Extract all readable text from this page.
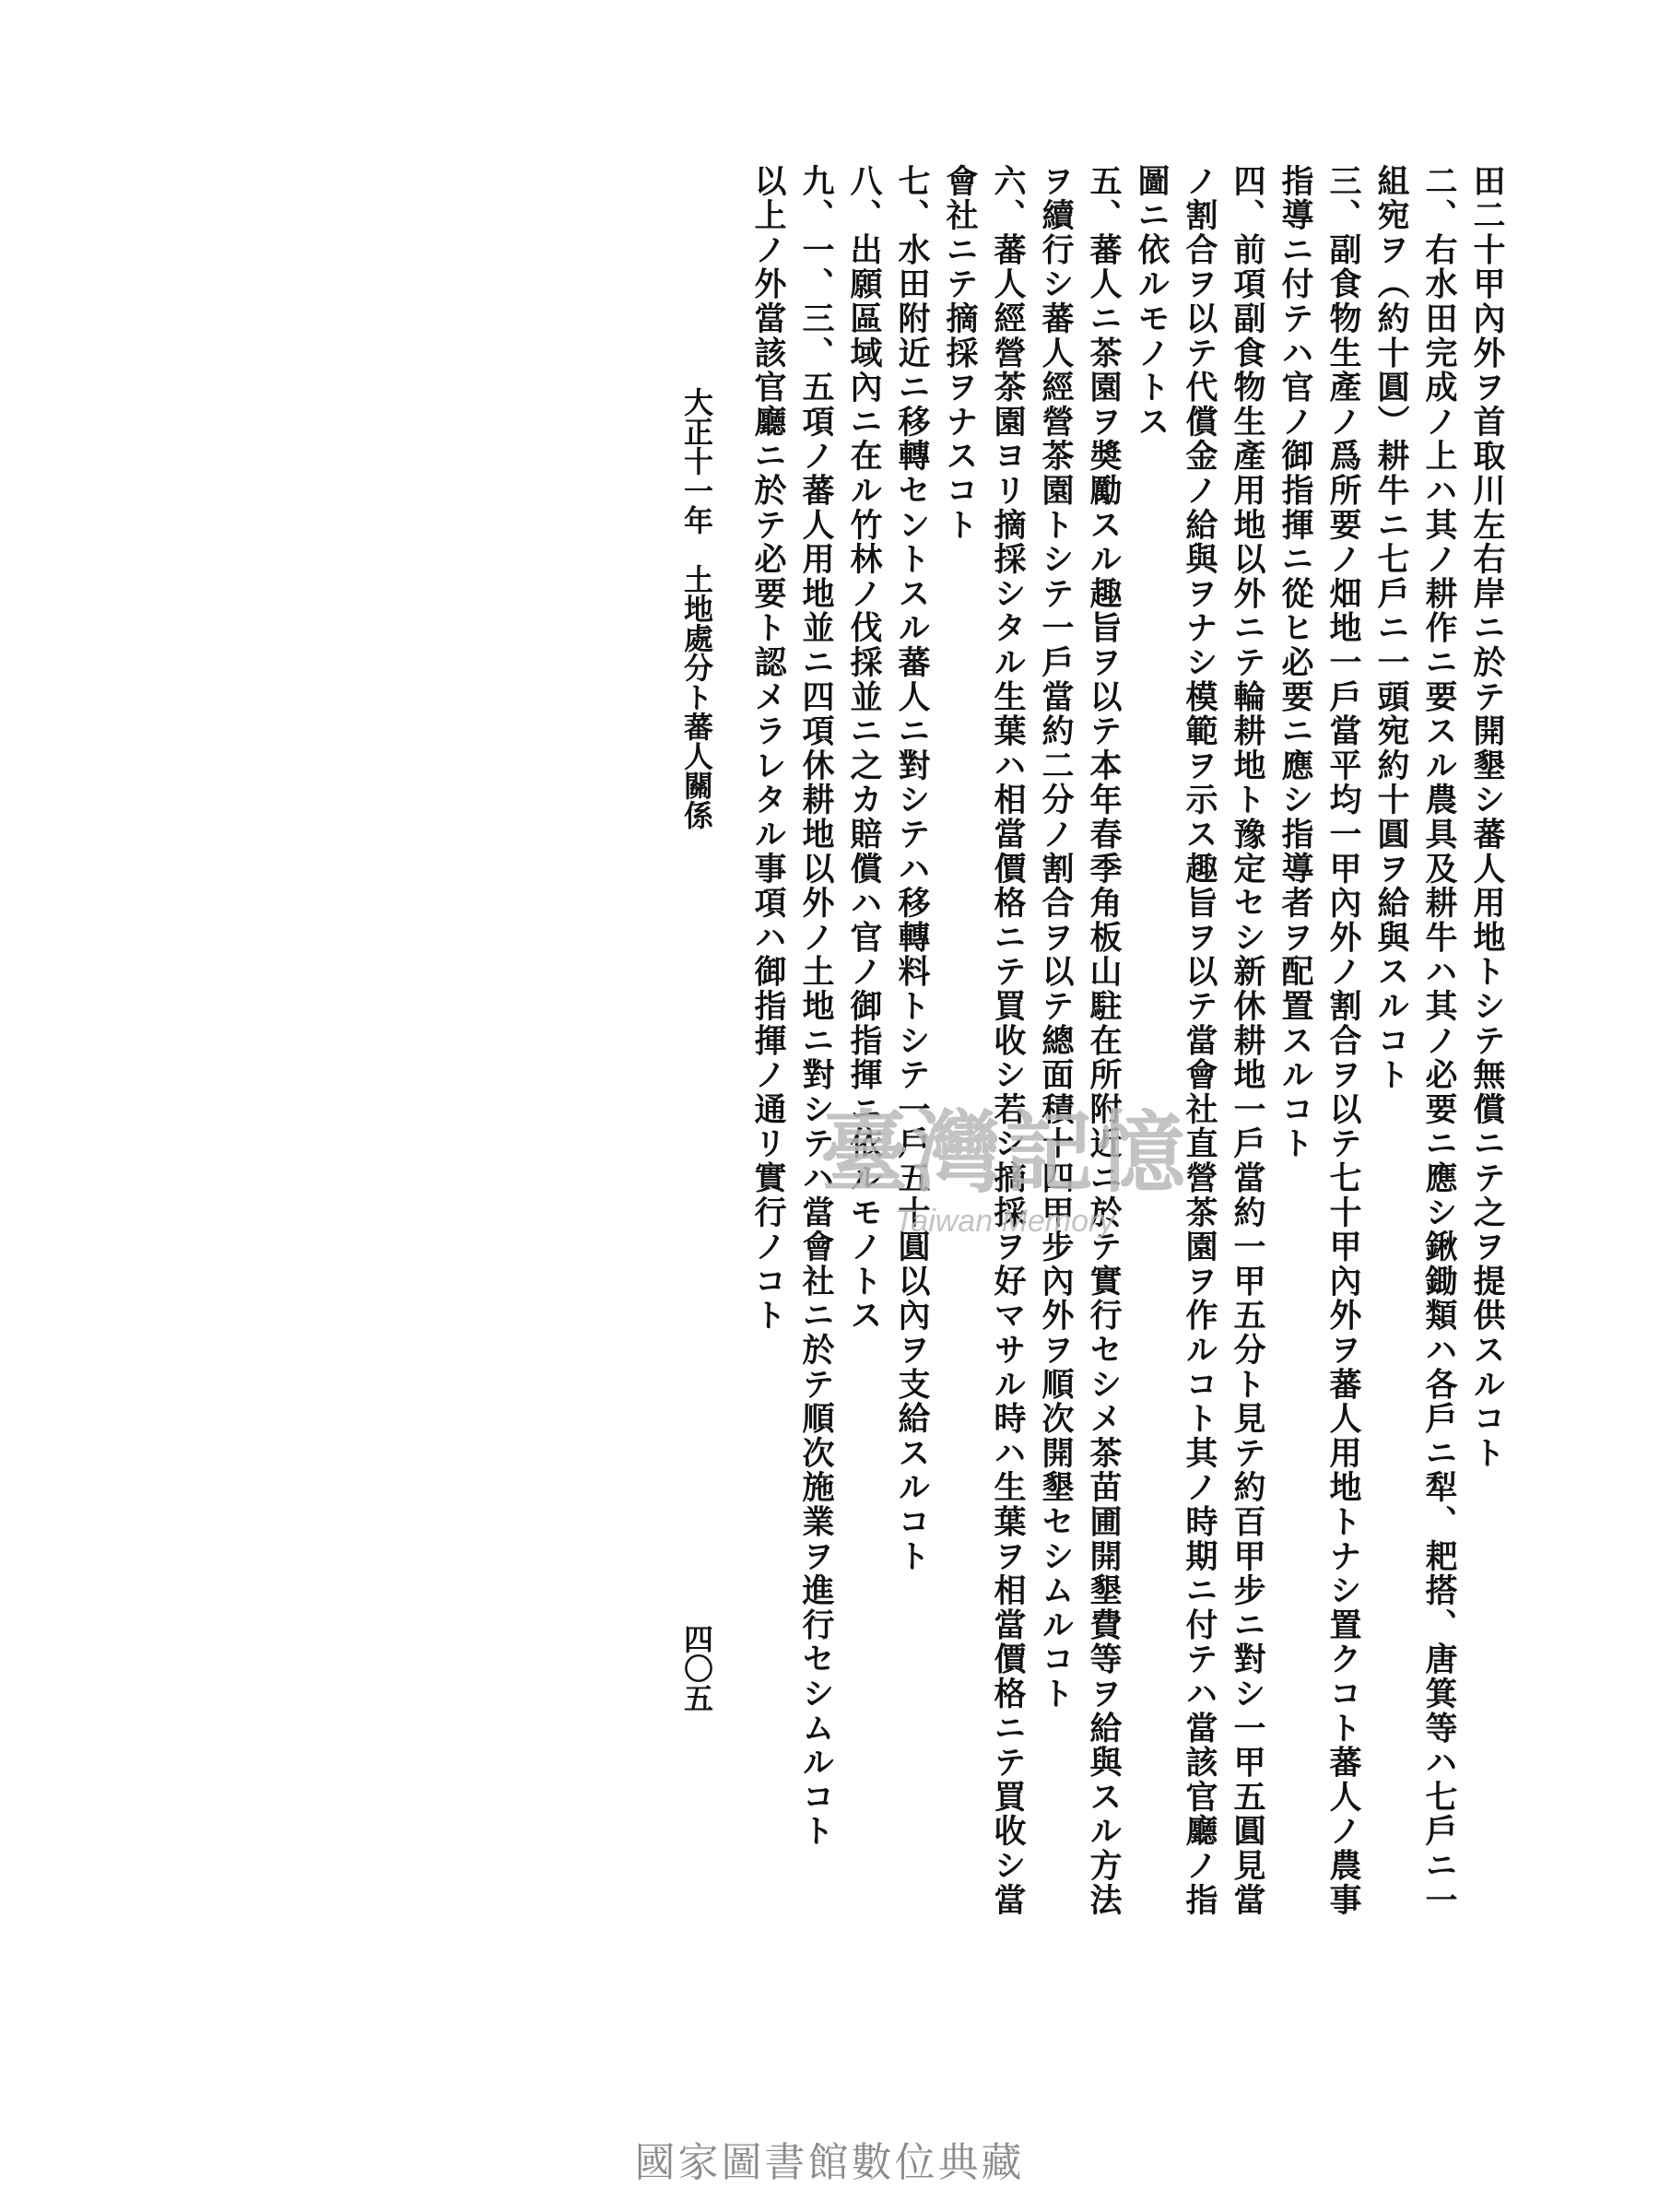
田二十甲內外ヲ首取川左右岸ニ於テ開墾シ蕃人用地トシテ無償ニテ之ヲ提供スルコト
二、右水田完成ノ上ハ其ノ耕作ニ要スル農具及耕牛ハ其ノ必要ニ應シ鍬鋤類ハ各戶ニ犁、耙搭、唐箕等ハ七戶ニ一
組宛ヲ（約十圓）耕牛ニ七戶ニ一頭宛約十圓ヲ給與スルコト
三、副食物生產ノ爲所要ノ畑地一戶當平均一甲內外ノ割合ヲ以テ七十甲內外ヲ蕃人用地トナシ置クコト蕃人ノ農事
指導ニ付テハ官ノ御指揮ニ從ヒ必要ニ應シ指導者ヲ配置スルコト
四、前項副食物生產用地以外ニテ輪耕地ト豫定セシ新休耕地一戶當約一甲五分ト見テ約百甲步ニ對シ一甲五圓見當
ノ割合ヲ以テ代償金ノ給與ヲナシ模範ヲ示ス趣旨ヲ以テ當會社直營茶園ヲ作ルコト其ノ時期ニ付テハ當該官廳ノ指
圖ニ依ルモノトス
五、蕃人ニ茶園ヲ奬勵スル趣旨ヲ以テ本年春季角板山駐在所附近ニ於テ實行セシメ茶苗圃開墾費等ヲ給與スル方法
ヲ續行シ蕃人經營茶園トシテ一戶當約二分ノ割合ヲ以テ總面積十四甲步內外ヲ順次開墾セシムルコト
六、蕃人經營茶園ヨリ摘採シタル生葉ハ相當價格ニテ買收シ若シ摘採ヲ好マサル時ハ生葉ヲ相當價格ニテ買收シ當
會社ニテ摘採ヲナスコト
七、水田附近ニ移轉セントスル蕃人ニ對シテハ移轉料トシテ一戶五十圓以內ヲ支給スルコト
八、出願區域內ニ在ル竹林ノ伐採並ニ之カ賠償ハ官ノ御指揮ニ依ルモノトス
九、一、三、五項ノ蕃人用地並ニ四項休耕地以外ノ土地ニ對シテハ當會社ニ於テ順次施業ヲ進行セシムルコト
以上ノ外當該官廳ニ於テ必要ト認メラレタル事項ハ御指揮ノ通リ實行ノコト
大正十一年　土地處分ト蕃人關係
四〇五
臺灣記憶
Taiwan Memory
國家圖書館數位典藏
